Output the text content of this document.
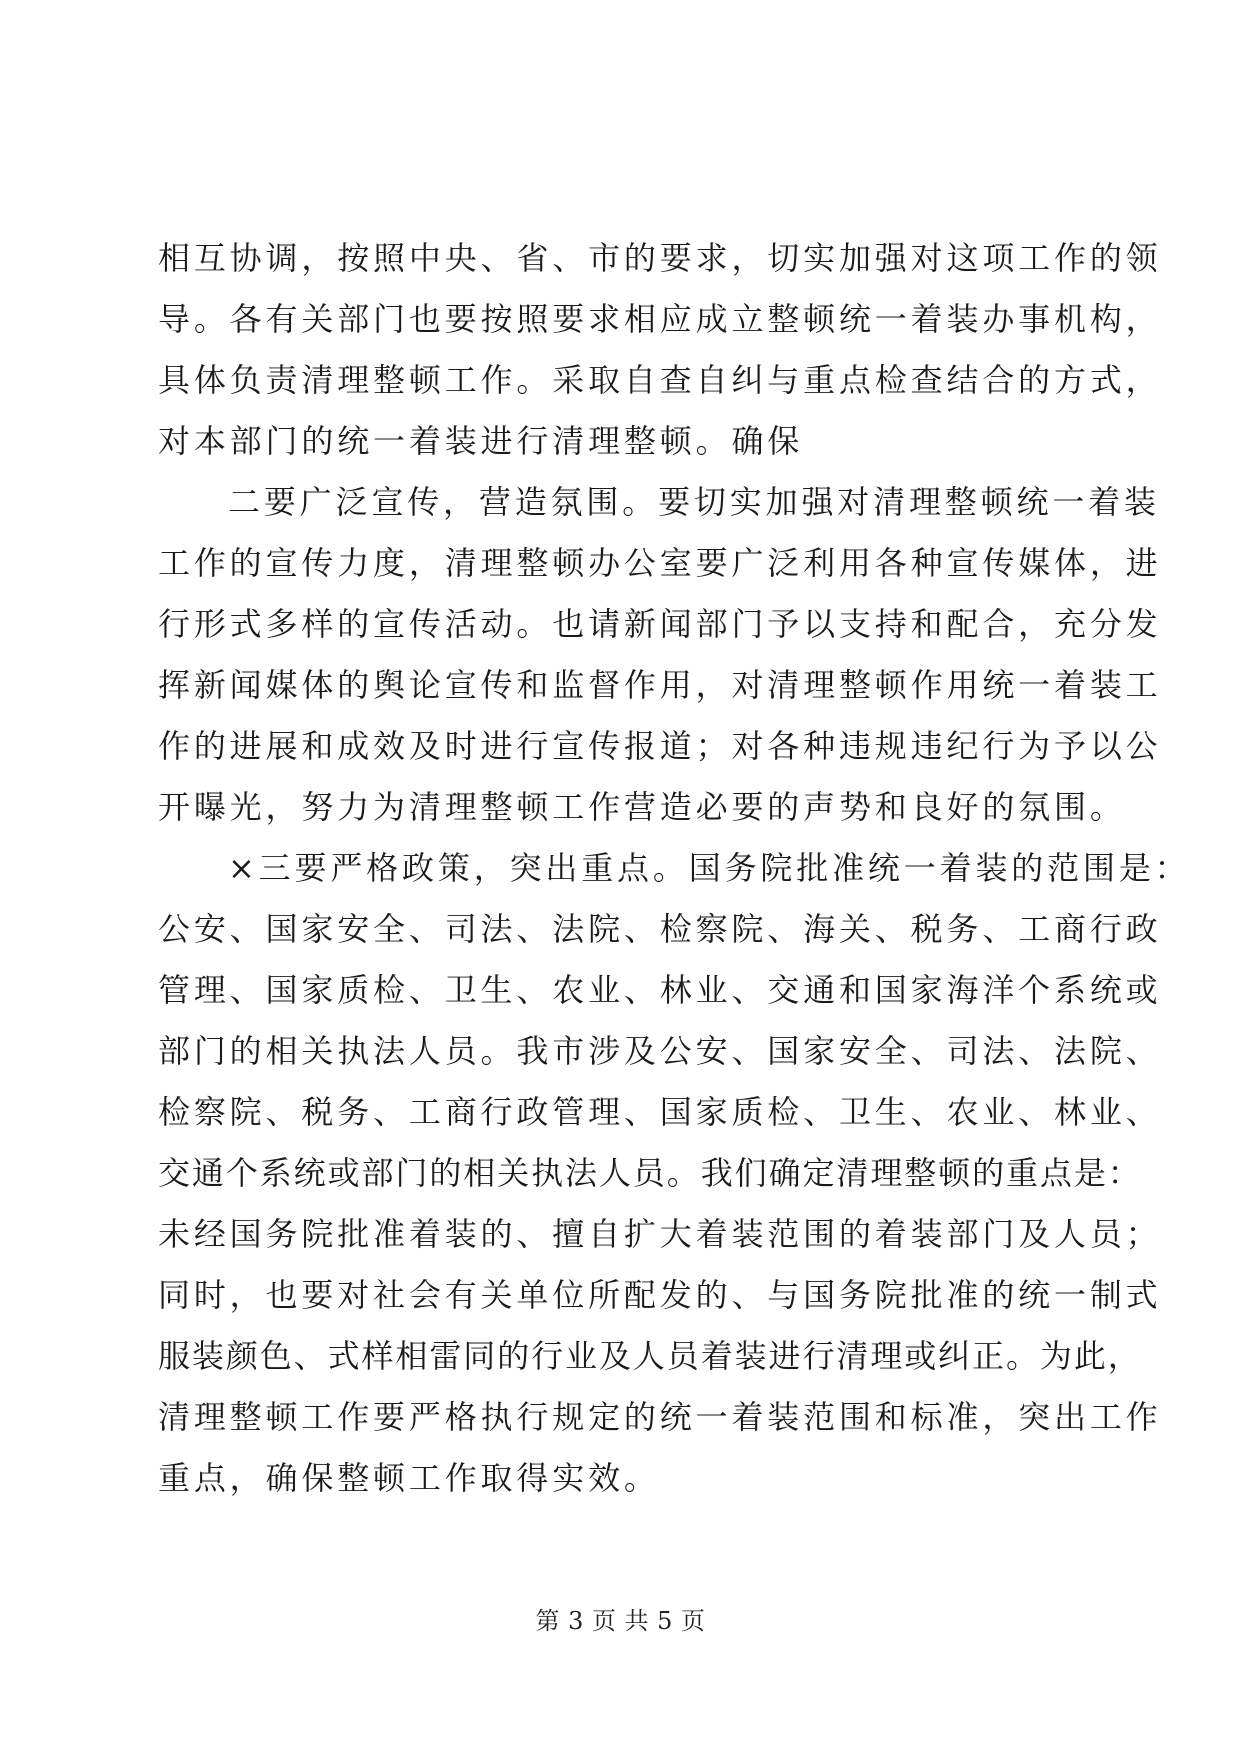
相互协调，按照中央、省、市的要求，切实加强对这项工作的领
导。各有关部门也要按照要求相应成立整顿统一着装办事机构，
具体负责清理整顿工作。采取自查自纠与重点检查结合的方式，
对本部门的统一着装进行清理整顿。确保
二要广泛宣传，营造氛围。要切实加强对清理整顿统一着装
工作的宣传力度，清理整顿办公室要广泛利用各种宣传媒体，进
行形式多样的宣传活动。也请新闻部门予以支持和配合，充分发
挥新闻媒体的舆论宣传和监督作用，对清理整顿作用统一着装工
作的进展和成效及时进行宣传报道；对各种违规违纪行为予以公
开曝光，努力为清理整顿工作营造必要的声势和良好的氛围。
×三要严格政策，突出重点。国务院批准统一着装的范围是：
公安、国家安全、司法、法院、检察院、海关、税务、工商行政
管理、国家质检、卫生、农业、林业、交通和国家海洋个系统或
部门的相关执法人员。我市涉及公安、国家安全、司法、法院、
检察院、税务、工商行政管理、国家质检、卫生、农业、林业、
交通个系统或部门的相关执法人员。我们确定清理整顿的重点是：
未经国务院批准着装的、擅自扩大着装范围的着装部门及人员；
同时，也要对社会有关单位所配发的、与国务院批准的统一制式
服装颜色、式样相雷同的行业及人员着装进行清理或纠正。为此，
清理整顿工作要严格执行规定的统一着装范围和标准，突出工作
重点，确保整顿工作取得实效。
第 3 页 共 5 页
